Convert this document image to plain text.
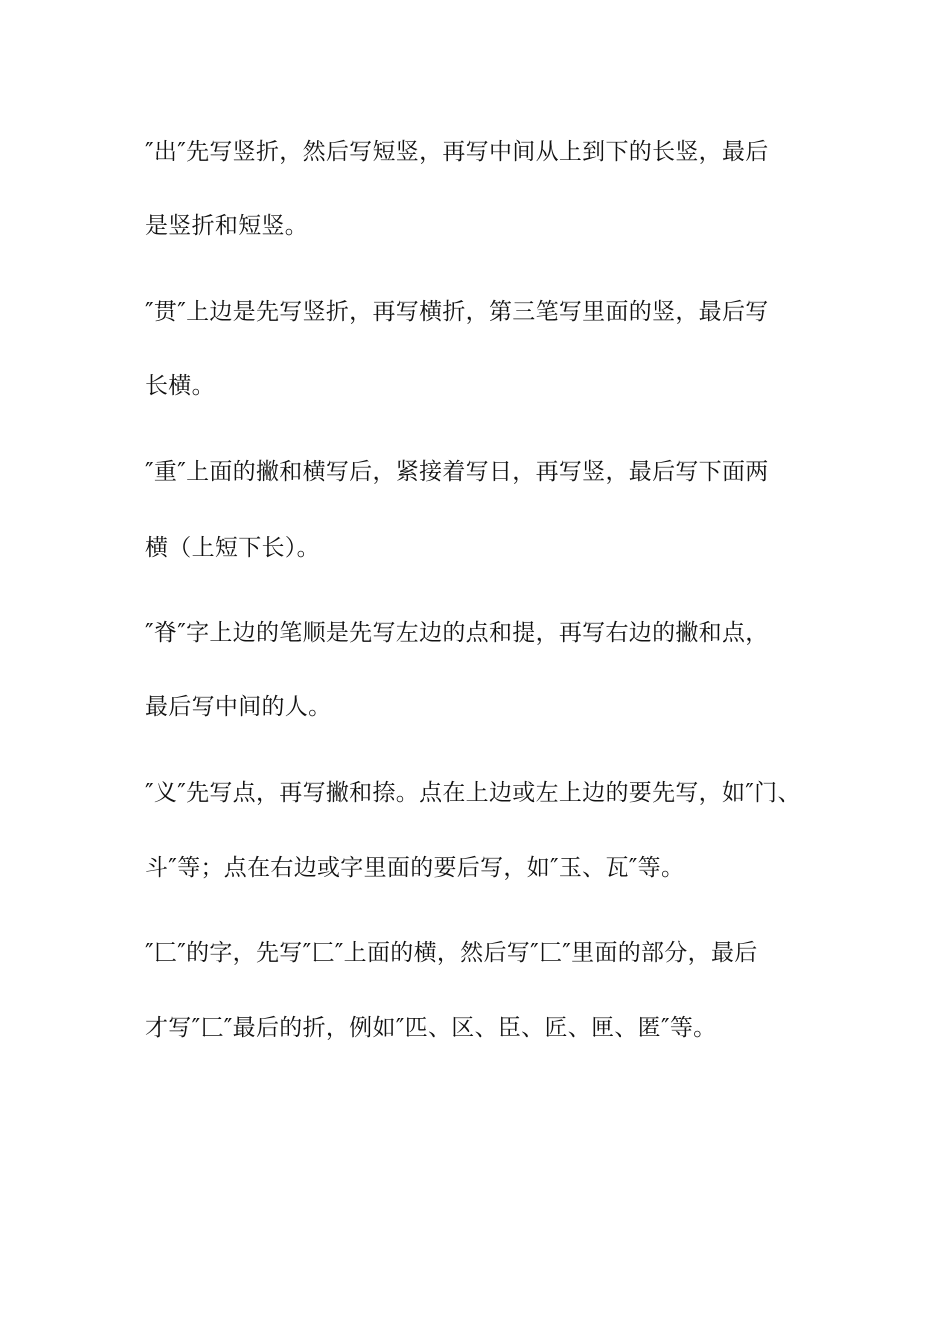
″出″先写竖折，然后写短竖，再写中间从上到下的长竖，最后
是竖折和短竖。
″贯″上边是先写竖折，再写横折，第三笔写里面的竖，最后写
长横。
″重″上面的撇和横写后，紧接着写日，再写竖，最后写下面两
横（上短下长）。
″脊″字上边的笔顺是先写左边的点和提，再写右边的撇和点，
最后写中间的人。
″义″先写点，再写撇和捺。点在上边或左上边的要先写，如″门、
斗″等；点在右边或字里面的要后写，如″玉、瓦″等。
″匚″的字，先写″匚″上面的横，然后写″匚″里面的部分，最后
才写″匚″最后的折，例如″匹、区、臣、匠、匣、匿″等。
